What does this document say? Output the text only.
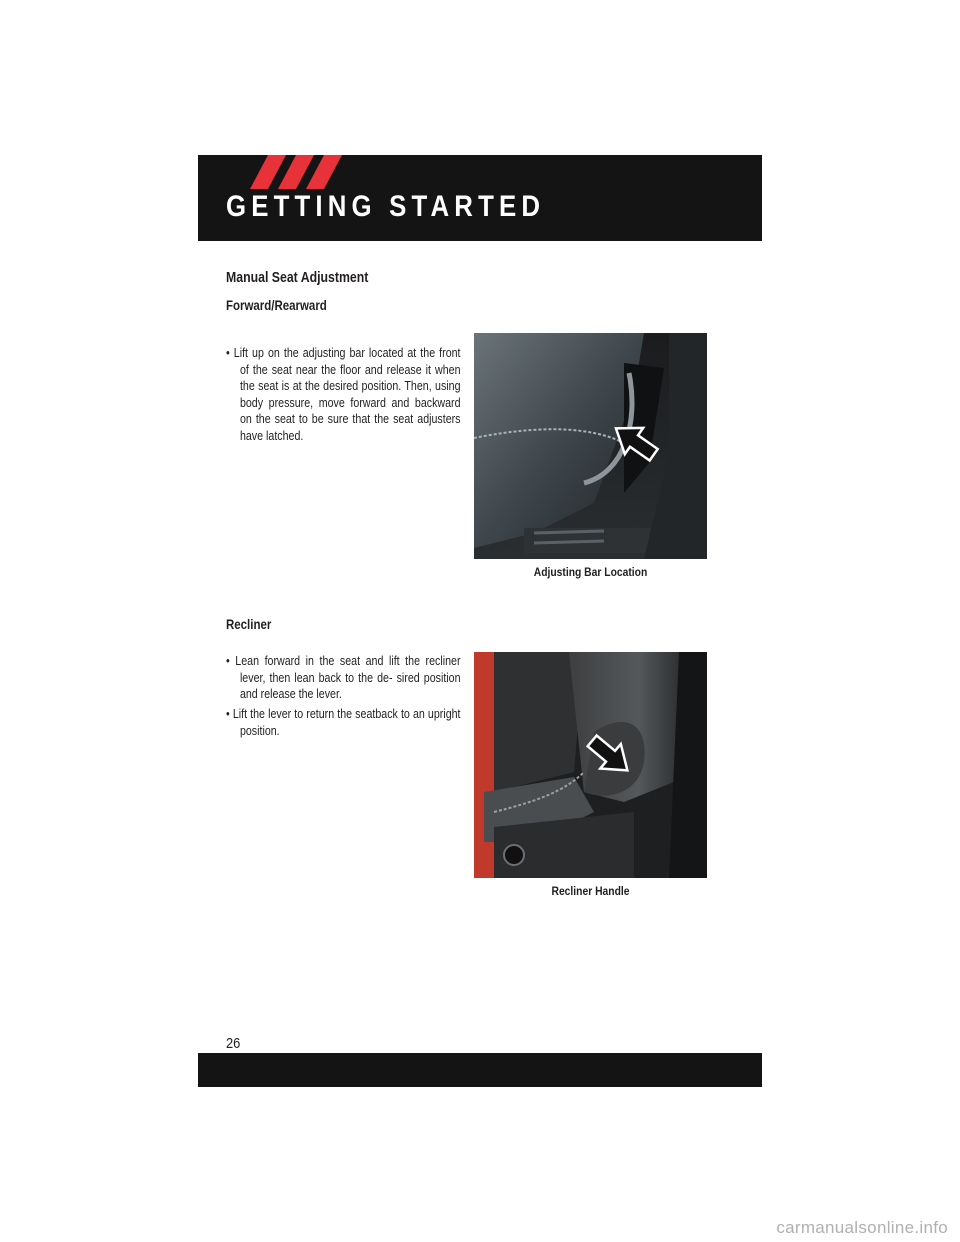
GETTING STARTED
Manual Seat Adjustment
Forward/Rearward

• Lift up on the adjusting bar located at the front of the seat near the floor and release it when the seat is at the desired position. Then, using body pressure, move forward and backward on the seat to be sure that the seat adjusters have latched.

Adjusting Bar Location

Recliner

• Lean forward in the seat and lift the recliner lever, then lean back to the de- sired position and release the lever.

• Lift the lever to return the seatback to an upright position.

Recliner Handle

26

carmanualsonline.info
